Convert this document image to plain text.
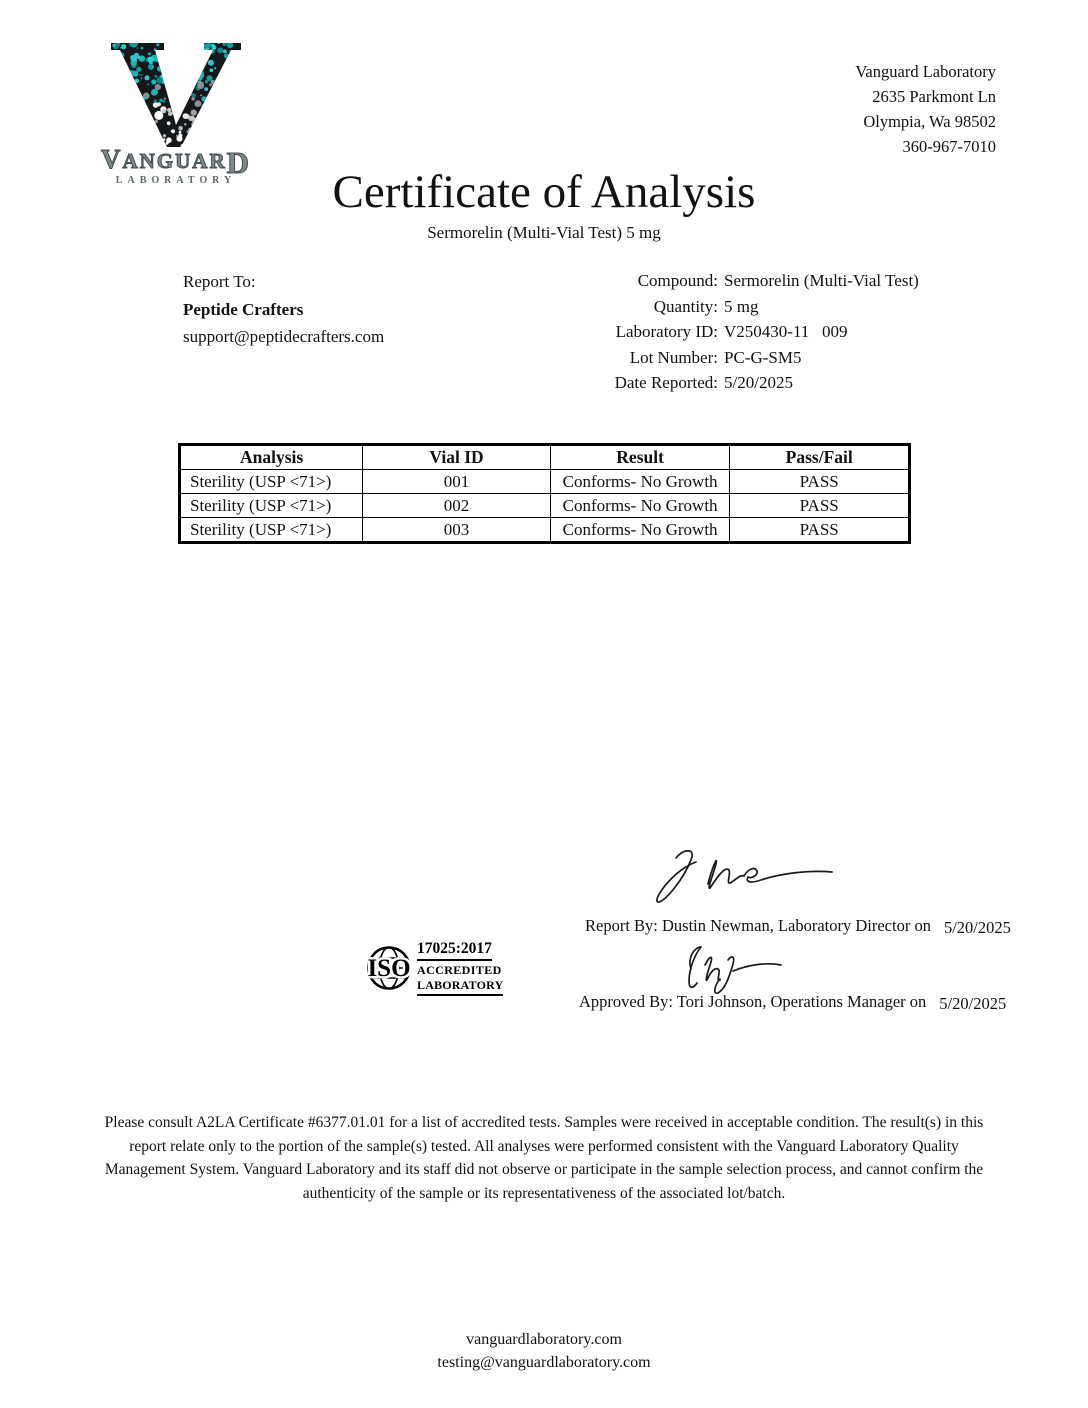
VANGUARD
LABORATORY
Vanguard Laboratory
2635 Parkmont Ln
Olympia, Wa 98502
360-967-7010
Certificate of Analysis
Sermorelin (Multi-Vial Test) 5 mg
Report To:
Peptide Crafters
support@peptidecrafters.com
Compound: Sermorelin (Multi-Vial Test)
Quantity: 5 mg
Laboratory ID: V250430-11   009
Lot Number: PC-G-SM5
Date Reported: 5/20/2025
Analysis	Vial ID	Result	Pass/Fail
Sterility (USP <71>)	001	Conforms- No Growth	PASS
Sterility (USP <71>)	002	Conforms- No Growth	PASS
Sterility (USP <71>)	003	Conforms- No Growth	PASS
Report By: Dustin Newman, Laboratory Director on 5/20/2025
ISO
17025:2017
ACCREDITED
LABORATORY
Approved By: Tori Johnson, Operations Manager on 5/20/2025
Please consult A2LA Certificate #6377.01.01 for a list of accredited tests. Samples were received in acceptable condition. The result(s) in this report relate only to the portion of the sample(s) tested. All analyses were performed consistent with the Vanguard Laboratory Quality Management System. Vanguard Laboratory and its staff did not observe or participate in the sample selection process, and cannot confirm the authenticity of the sample or its representativeness of the associated lot/batch.
vanguardlaboratory.com
testing@vanguardlaboratory.com
